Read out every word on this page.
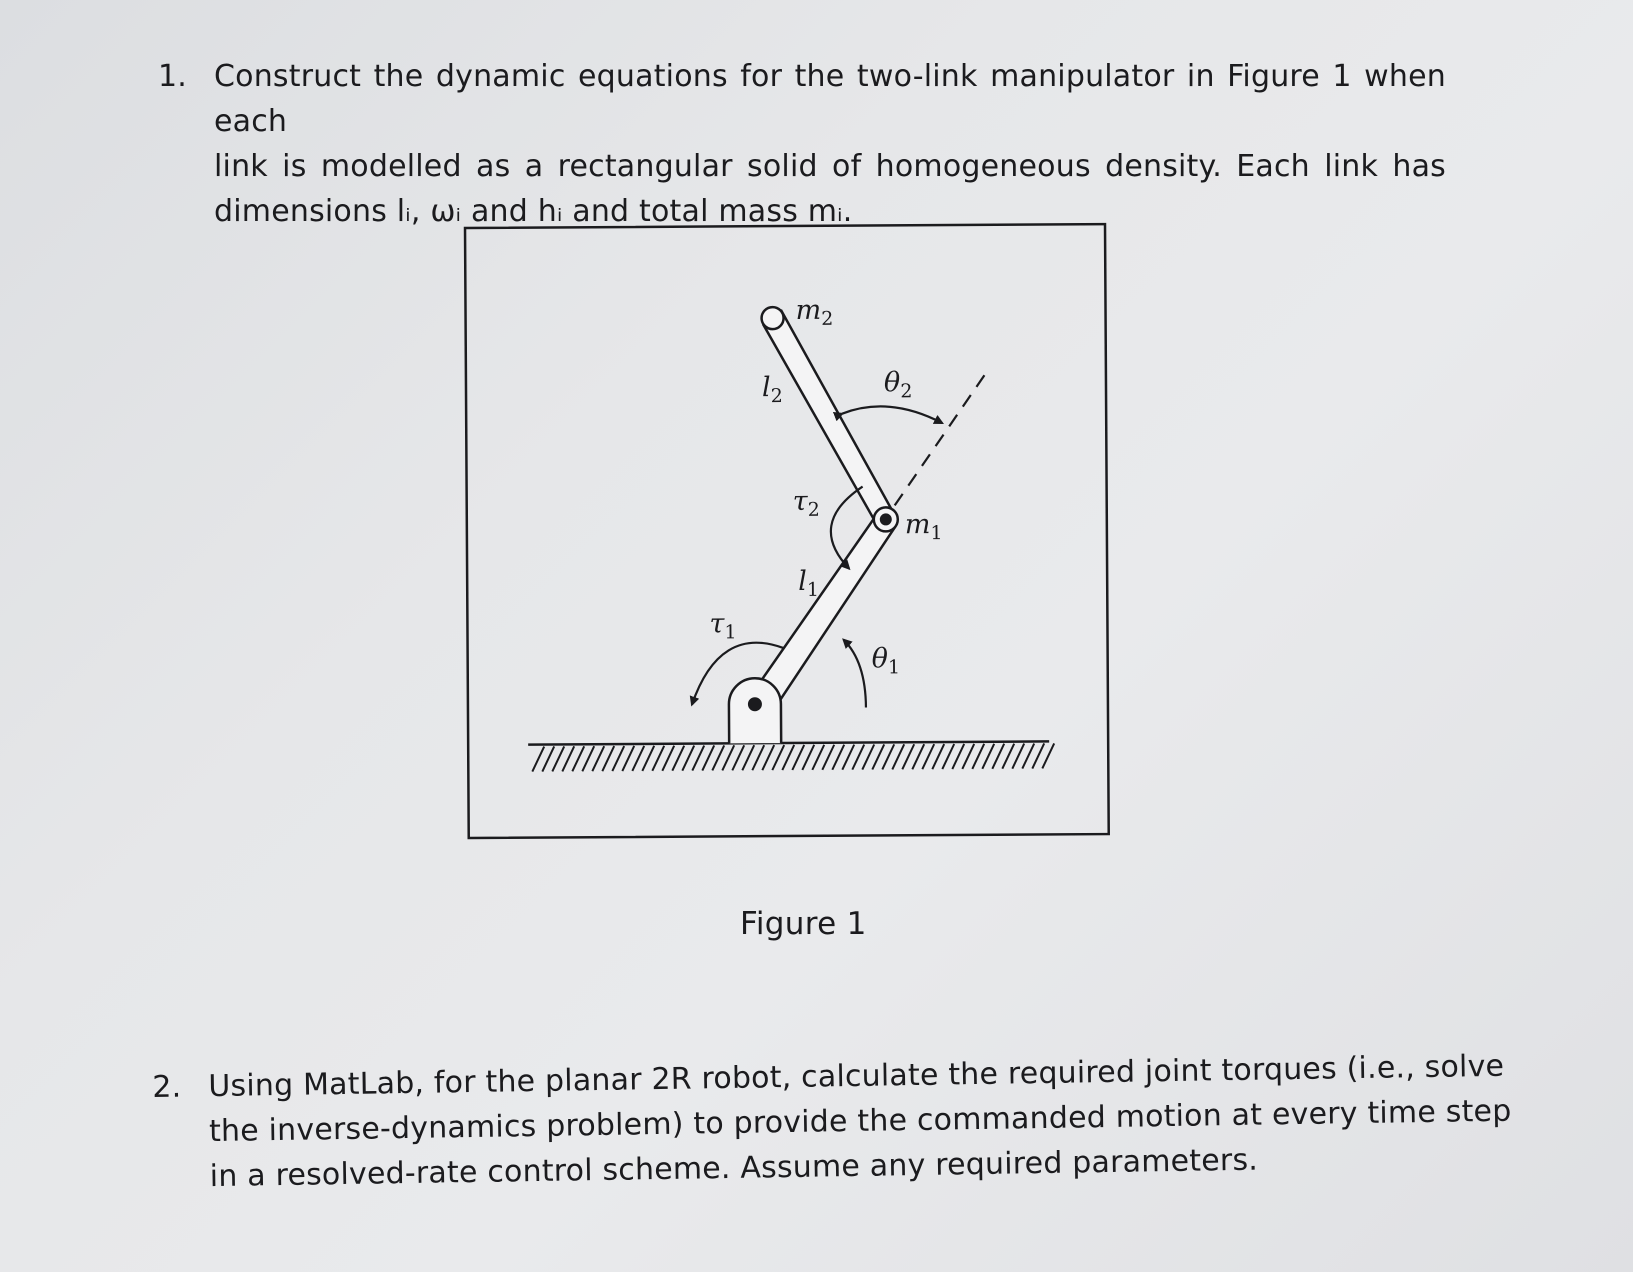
1. Construct the dynamic equations for the two-link manipulator in Figure 1 when each
link is modelled as a rectangular solid of homogeneous density. Each link has
dimensions lᵢ, ωᵢ and hᵢ and total mass mᵢ.
$m_2$
$m_1$
$l_2$
$l_1$
$\theta_2$
$\theta_1$
$\tau_2$
$\tau_1$
Figure 1
2. Using MatLab, for the planar 2R robot, calculate the required joint torques (i.e., solve
the inverse-dynamics problem) to provide the commanded motion at every time step
in a resolved-rate control scheme. Assume any required parameters.
